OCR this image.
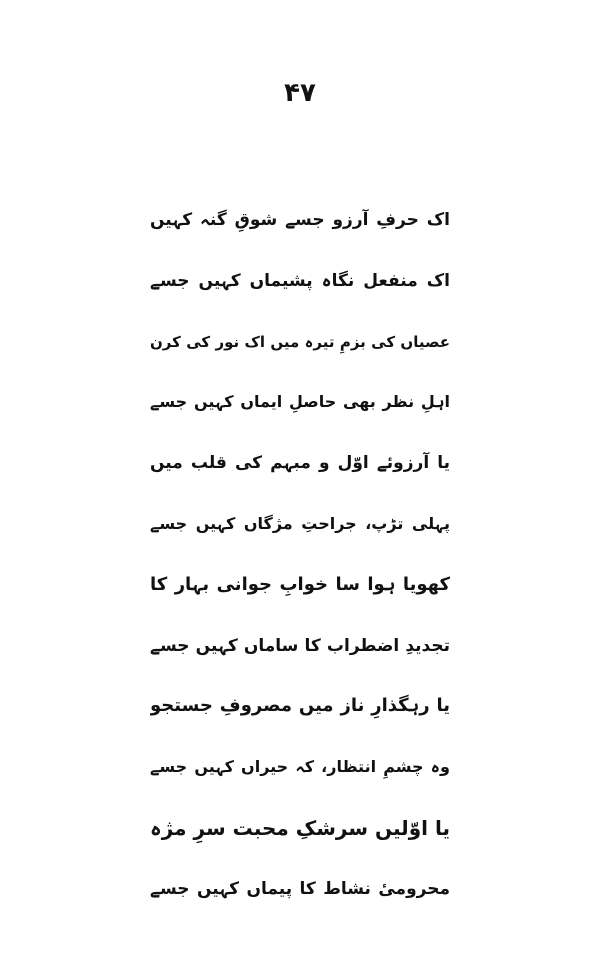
۴۷
اک حرفِ آرزو جسے شوقِ گنہ کہیں
اک منفعل نگاہ پشیماں کہیں جسے
عصیاں کی بزمِ تیرہ میں اک نور کی کرن
اہلِ نظر بھی حاصلِ ایماں کہیں جسے
یا آرزوئے اوّل و مبہم کی قلب میں
پہلی تڑپ، جراحتِ مژگاں کہیں جسے
کھویا ہوا سا خوابِ جوانی بہار کا
تجدیدِ اضطراب کا ساماں کہیں جسے
یا رہگذارِ ناز میں مصروفِ جستجو
وہ چشمِ انتظار، کہ حیراں کہیں جسے
یا اوّلیں سرشکِ محبت سرِ مژہ
محرومیٔ نشاط کا پیماں کہیں جسے
